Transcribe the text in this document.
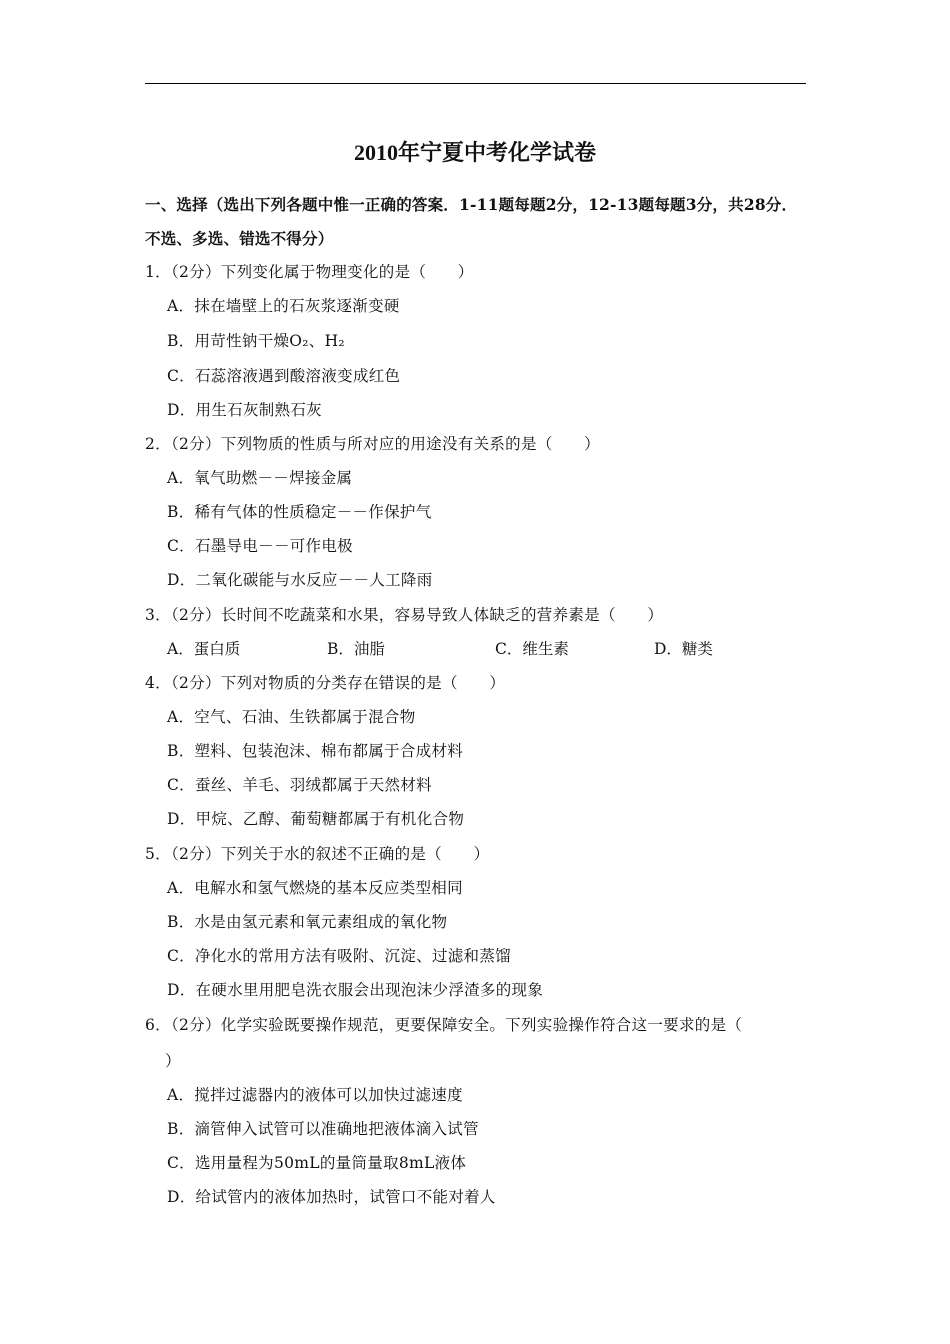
2010年宁夏中考化学试卷
一、选择（选出下列各题中惟一正确的答案．1-11题每题2分，12-13题每题3分，共28分．不选、多选、错选不得分）
1．（2分）下列变化属于物理变化的是（　　）
A．抹在墙壁上的石灰浆逐渐变硬
B．用苛性钠干燥O₂、H₂
C．石蕊溶液遇到酸溶液变成红色
D．用生石灰制熟石灰
2．（2分）下列物质的性质与所对应的用途没有关系的是（　　）
A．氧气助燃－－焊接金属
B．稀有气体的性质稳定－－作保护气
C．石墨导电－－可作电极
D．二氧化碳能与水反应－－人工降雨
3．（2分）长时间不吃蔬菜和水果，容易导致人体缺乏的营养素是（　　）
A．蛋白质	B．油脂	C．维生素	D．糖类
4．（2分）下列对物质的分类存在错误的是（　　）
A．空气、石油、生铁都属于混合物
B．塑料、包装泡沫、棉布都属于合成材料
C．蚕丝、羊毛、羽绒都属于天然材料
D．甲烷、乙醇、葡萄糖都属于有机化合物
5．（2分）下列关于水的叙述不正确的是（　　）
A．电解水和氢气燃烧的基本反应类型相同
B．水是由氢元素和氧元素组成的氧化物
C．净化水的常用方法有吸附、沉淀、过滤和蒸馏
D．在硬水里用肥皂洗衣服会出现泡沫少浮渣多的现象
6．（2分）化学实验既要操作规范，更要保障安全。下列实验操作符合这一要求的是（
）
A．搅拌过滤器内的液体可以加快过滤速度
B．滴管伸入试管可以准确地把液体滴入试管
C．选用量程为50mL的量筒量取8mL液体
D．给试管内的液体加热时，试管口不能对着人
